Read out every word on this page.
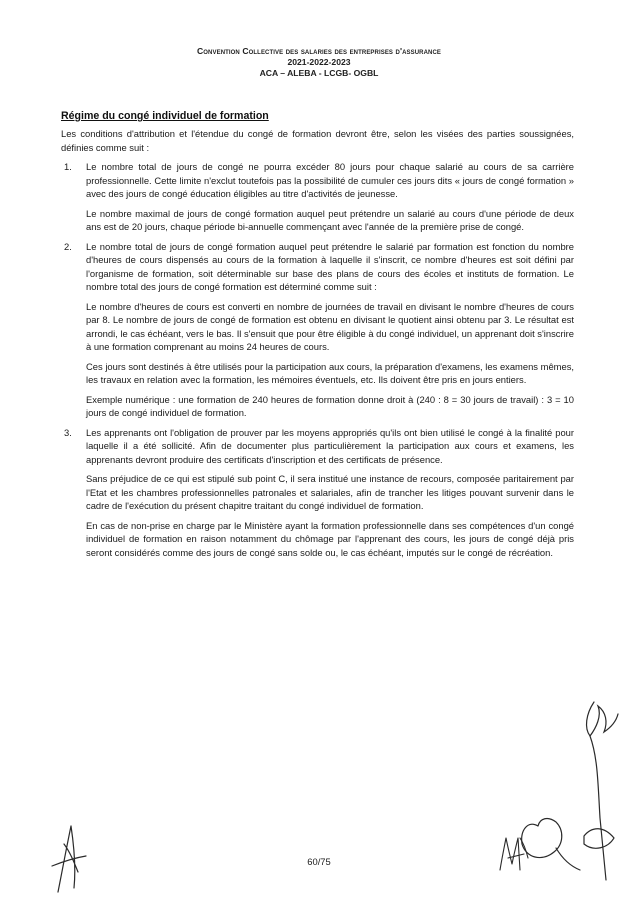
Convention Collective des salaries des entreprises d'assurance
2021-2022-2023
ACA – ALEBA - LCGB- OGBL
Régime du congé individuel de formation

Les conditions d'attribution et l'étendue du congé de formation devront être, selon les visées des parties soussignées, définies comme suit :

1. Le nombre total de jours de congé ne pourra excéder 80 jours pour chaque salarié au cours de sa carrière professionnelle. Cette limite n'exclut toutefois pas la possibilité de cumuler ces jours dits « jours de congé formation » avec des jours de congé éducation éligibles au titre d'activités de jeunesse.

Le nombre maximal de jours de congé formation auquel peut prétendre un salarié au cours d'une période de deux ans est de 20 jours, chaque période bi-annuelle commençant avec l'année de la première prise de congé.

2. Le nombre total de jours de congé formation auquel peut prétendre le salarié par formation est fonction du nombre d'heures de cours dispensés au cours de la formation à laquelle il s'inscrit, ce nombre d'heures est soit défini par l'organisme de formation, soit déterminable sur base des plans de cours des écoles et instituts de formation. Le nombre total des jours de congé formation est déterminé comme suit :

Le nombre d'heures de cours est converti en nombre de journées de travail en divisant le nombre d'heures de cours par 8. Le nombre de jours de congé de formation est obtenu en divisant le quotient ainsi obtenu par 3. Le résultat est arrondi, le cas échéant, vers le bas. Il s'ensuit que pour être éligible à du congé individuel, un apprenant doit s'inscrire à une formation comprenant au moins 24 heures de cours.

Ces jours sont destinés à être utilisés pour la participation aux cours, la préparation d'examens, les examens mêmes, les travaux en relation avec la formation, les mémoires éventuels, etc. Ils doivent être pris en jours entiers.

Exemple numérique : une formation de 240 heures de formation donne droit à (240 : 8 = 30 jours de travail) : 3 = 10 jours de congé individuel de formation.

3. Les apprenants ont l'obligation de prouver par les moyens appropriés qu'ils ont bien utilisé le congé à la finalité pour laquelle il a été sollicité. Afin de documenter plus particulièrement la participation aux cours et examens, les apprenants devront produire des certificats d'inscription et des certificats de présence.

Sans préjudice de ce qui est stipulé sub point C, il sera institué une instance de recours, composée paritairement par l'Etat et les chambres professionnelles patronales et salariales, afin de trancher les litiges pouvant survenir dans le cadre de l'exécution du présent chapitre traitant du congé individuel de formation.

En cas de non-prise en charge par le Ministère ayant la formation professionnelle dans ses compétences d'un congé individuel de formation en raison notamment du chômage par l'apprenant des cours, les jours de congé déjà pris seront considérés comme des jours de congé sans solde ou, le cas échéant, imputés sur le congé de récréation.

60/75
